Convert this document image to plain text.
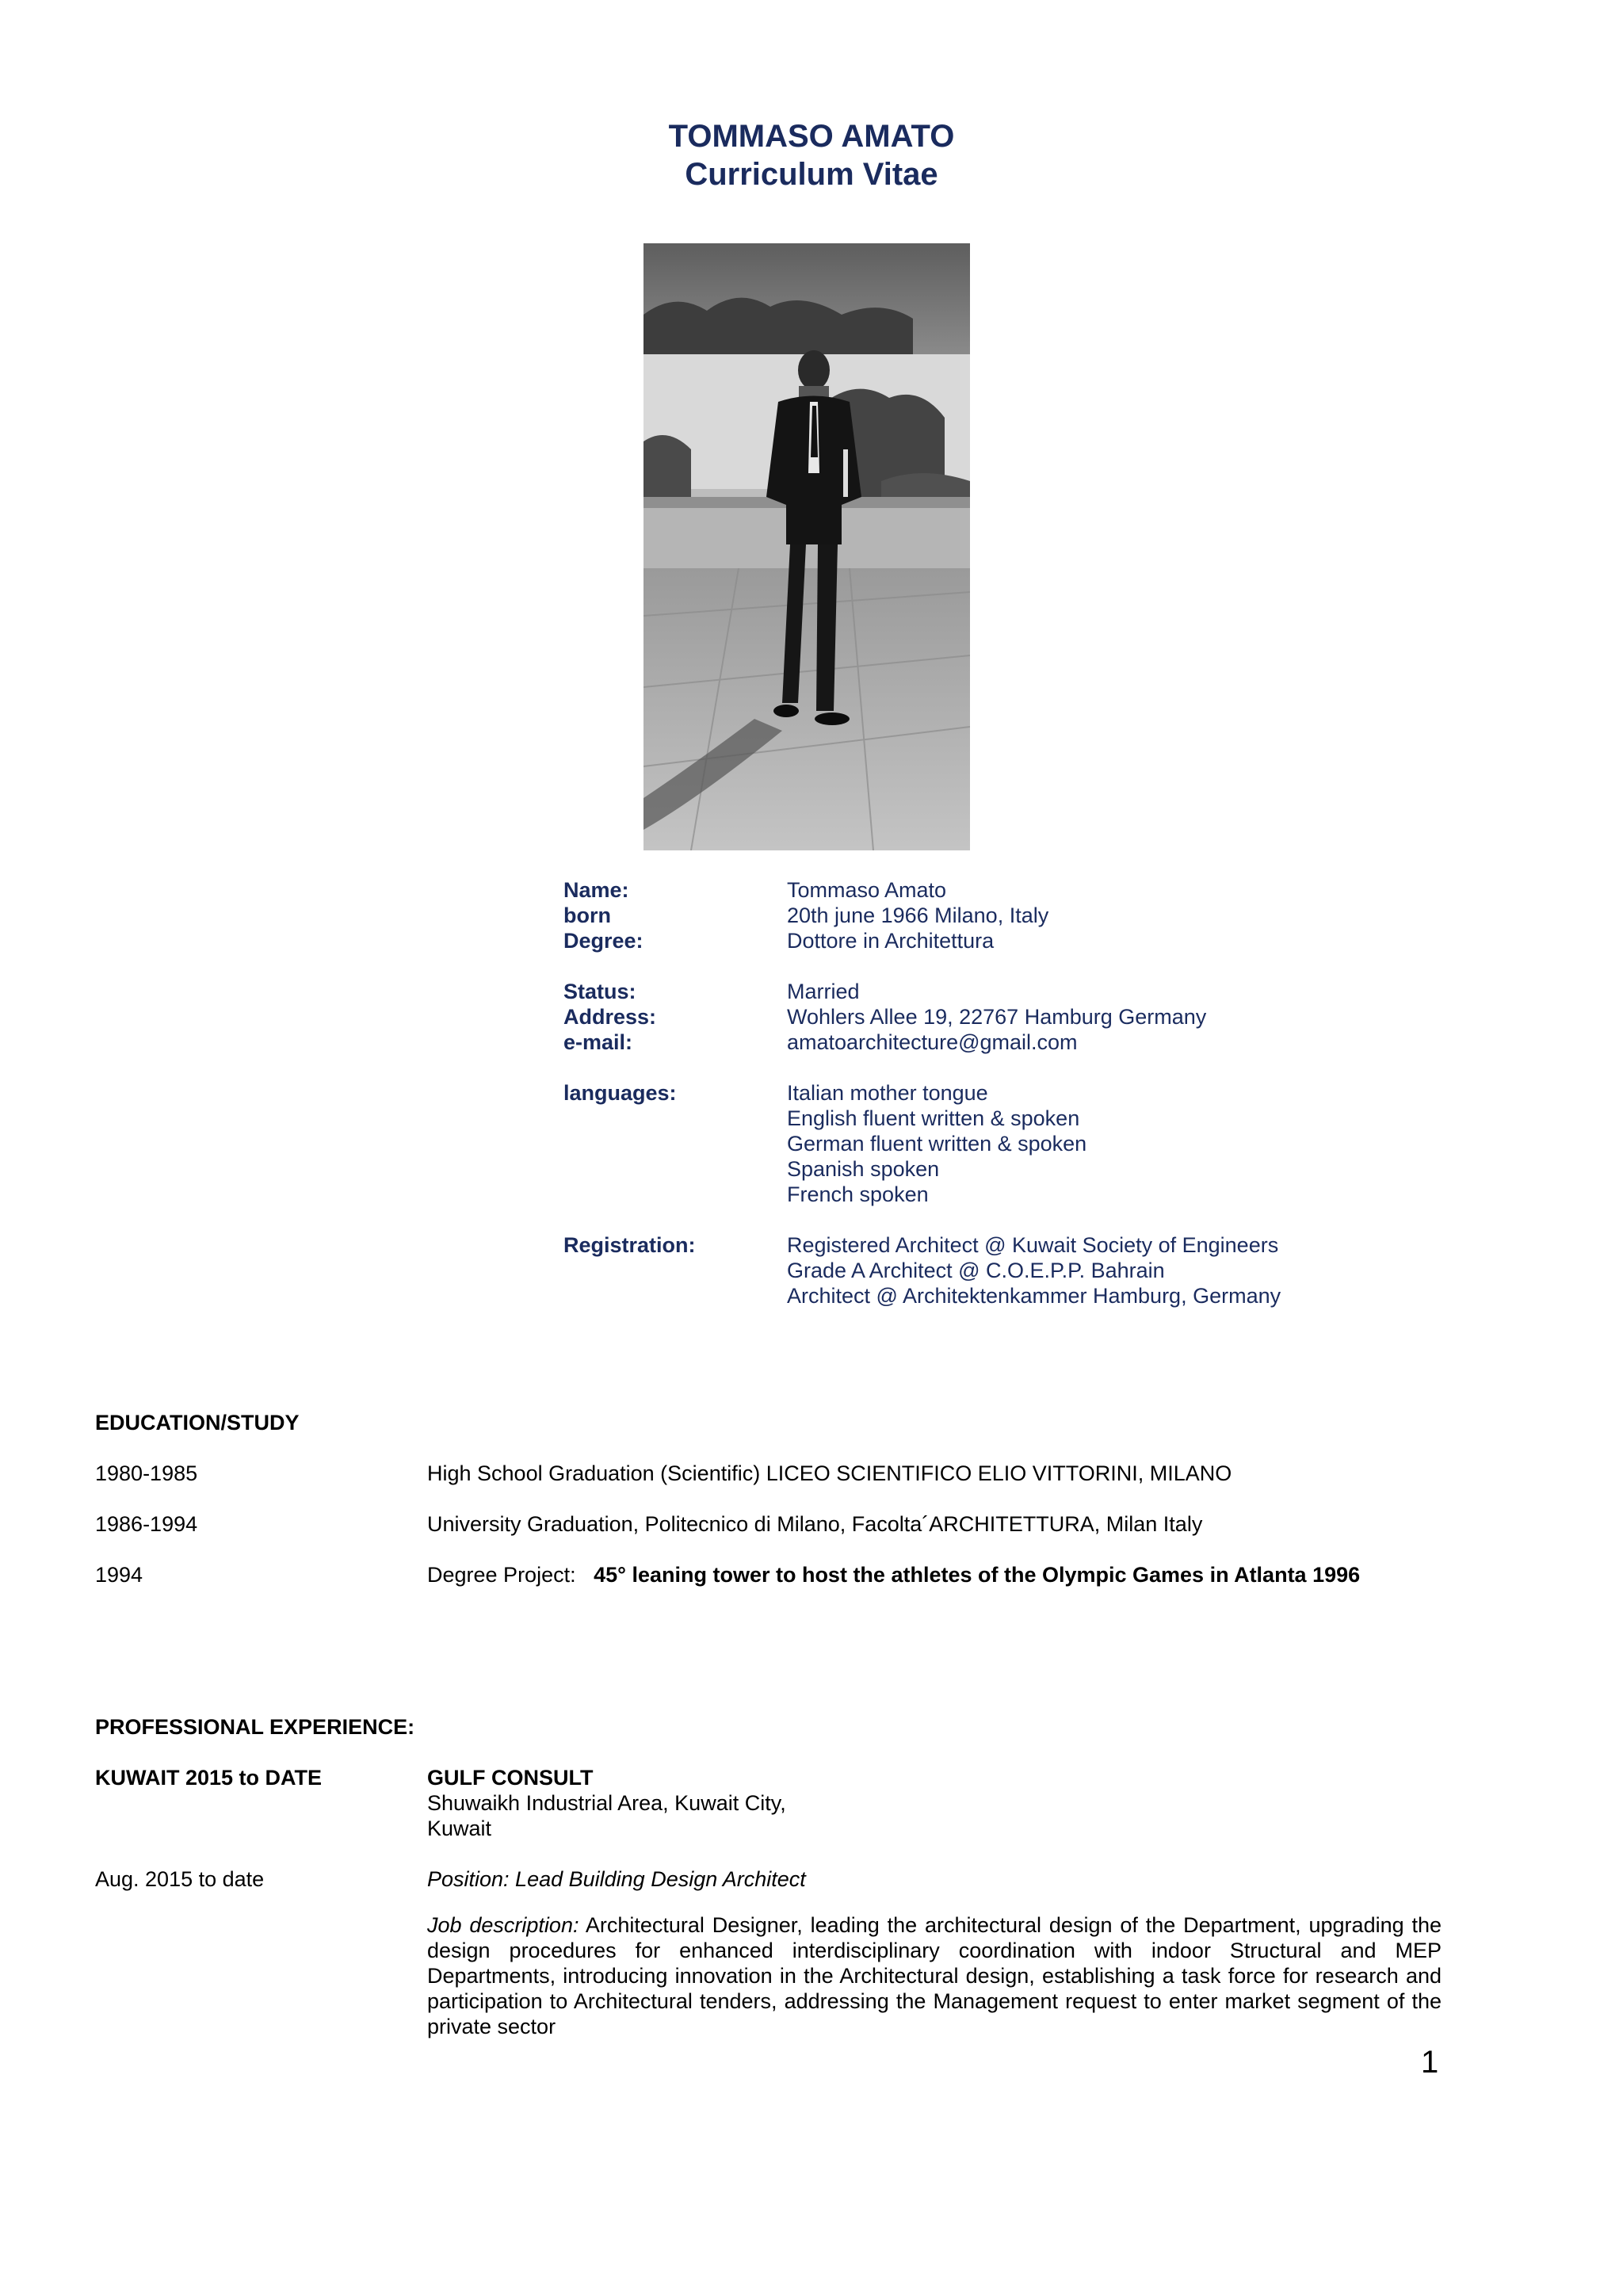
TOMMASO AMATO
Curriculum Vitae
Name:	Tommaso Amato
born	20th june 1966 Milano, Italy
Degree:	Dottore in Architettura
Status:	Married
Address:	Wohlers Allee 19, 22767 Hamburg Germany
e-mail:	amatoarchitecture@gmail.com
languages:	Italian mother tongue
English fluent written & spoken
German fluent written & spoken
Spanish spoken
French spoken
Registration:	Registered Architect @ Kuwait Society of Engineers
Grade A Architect @ C.O.E.P.P. Bahrain
Architect @ Architektenkammer Hamburg, Germany
EDUCATION/STUDY
1980-1985	High School Graduation (Scientific) LICEO SCIENTIFICO ELIO VITTORINI, MILANO
1986-1994	University Graduation, Politecnico di Milano, Facolta´ARCHITETTURA, Milan Italy
1994	Degree Project: 45° leaning tower to host the athletes of the Olympic Games in Atlanta 1996
PROFESSIONAL EXPERIENCE:
KUWAIT 2015 to DATE	GULF CONSULT
Shuwaikh Industrial Area, Kuwait City,
Kuwait
Aug. 2015 to date	Position: Lead Building Design Architect

Job description: Architectural Designer, leading the architectural design of the Department, upgrading the design procedures for enhanced interdisciplinary coordination with indoor Structural and MEP Departments, introducing innovation in the Architectural design, establishing a task force for research and participation to Architectural tenders, addressing the Management request to enter market segment of the private sector

1
